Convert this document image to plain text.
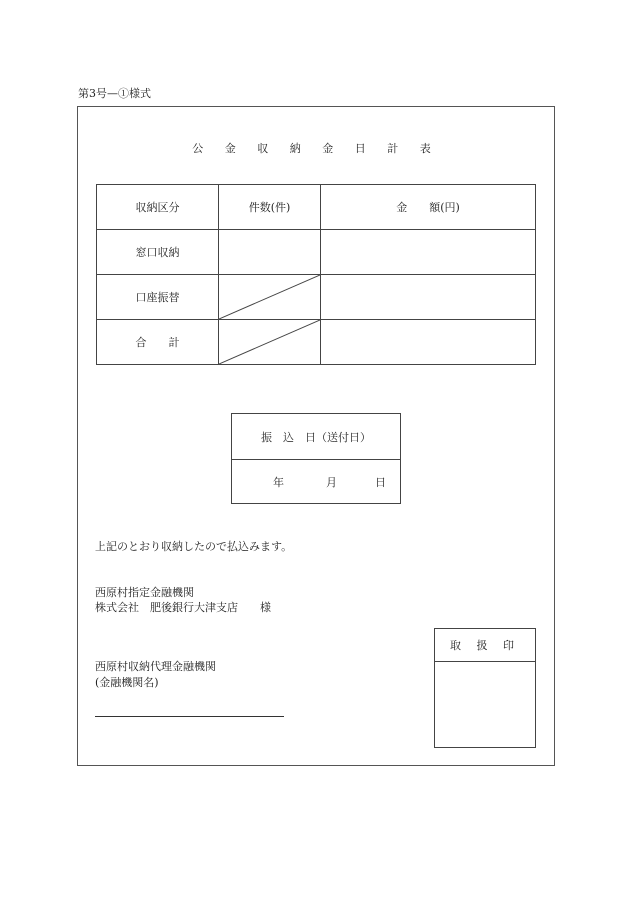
第3号—①様式
公 金 収 納 金 日 計 表
収納区分	件数(件)	金　　額(円)
窓口収納		
口座振替	

合　　計	

振　込　日（送付日）
年	月	日
上記のとおり収納したので払込みます。
西原村指定金融機関
株式会社　肥後銀行大津支店　　様
西原村収納代理金融機関
(金融機関名)
取 扱 印
